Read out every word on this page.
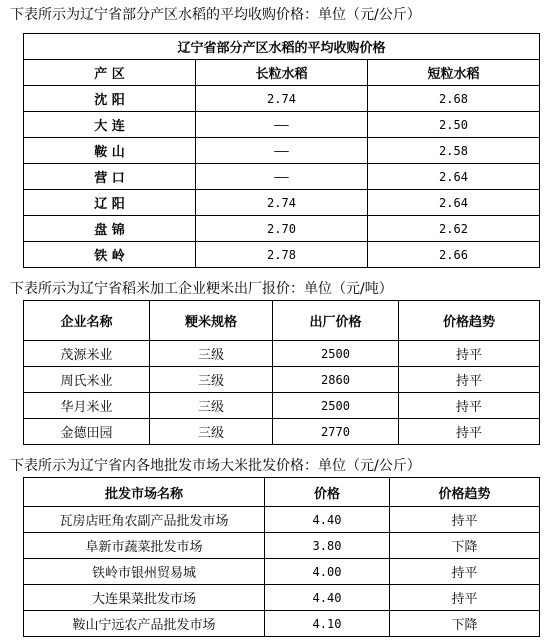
下表所示为辽宁省部分产区水稻的平均收购价格：单位（元/公斤）
辽宁省部分产区水稻的平均收购价格		
产 区	长粒水稻	短粒水稻
沈 阳	2.74	2.68
大 连	——	2.50
鞍 山	——	2.58
营 口	——	2.64
辽 阳	2.74	2.64
盘 锦	2.70	2.62
铁 岭	2.78	2.66
下表所示为辽宁省稻米加工企业粳米出厂报价：单位（元/吨）
企业名称	粳米规格	出厂价格	价格趋势
茂源米业	三级	2500	持平
周氏米业	三级	2860	持平
华月米业	三级	2500	持平
金德田园	三级	2770	持平
下表所示为辽宁省内各地批发市场大米批发价格：单位（元/公斤）
批发市场名称	价格	价格趋势
瓦房店旺角农副产品批发市场	4.40	持平
阜新市蔬菜批发市场	3.80	下降
铁岭市银州贸易城	4.00	持平
大连果菜批发市场	4.40	持平
鞍山宁远农产品批发市场	4.10	下降
